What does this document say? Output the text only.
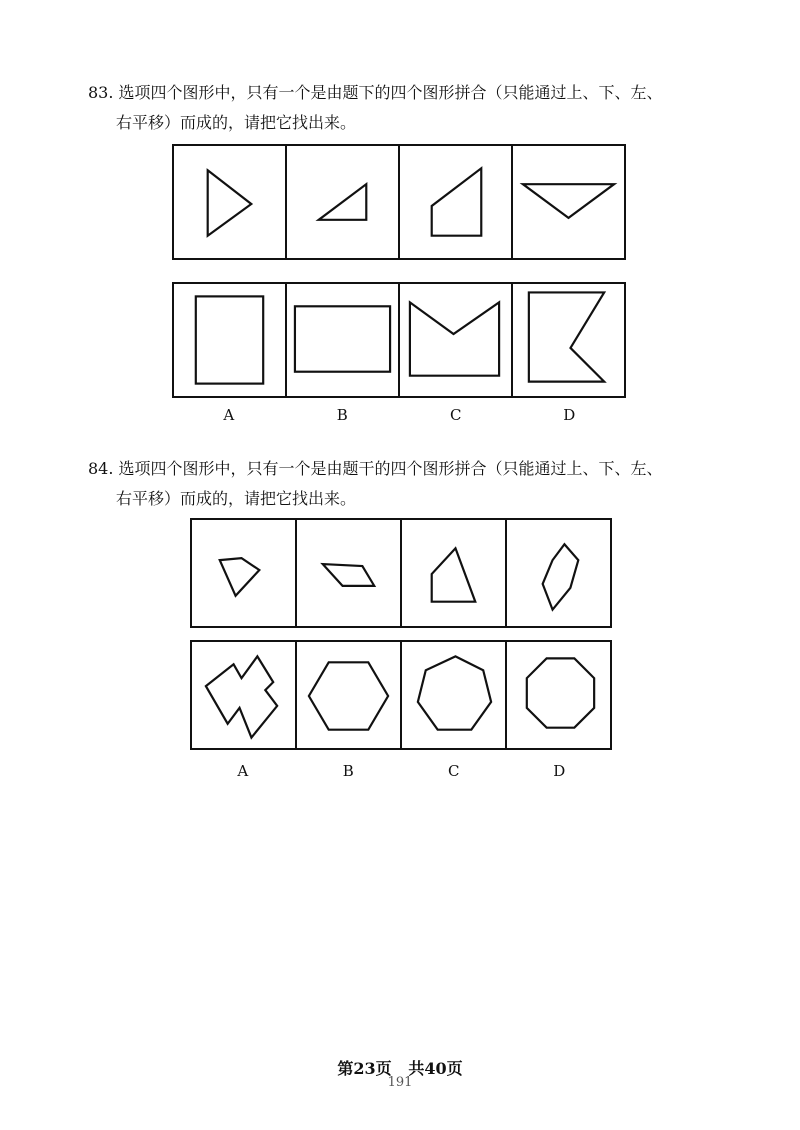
83. 选项四个图形中，只有一个是由题下的四个图形拼合（只能通过上、下、左、
右平移）而成的，请把它找出来。
A	B	C	D
84. 选项四个图形中，只有一个是由题干的四个图形拼合（只能通过上、下、左、
右平移）而成的，请把它找出来。
A	B	C	D
第23页   共40页
191
